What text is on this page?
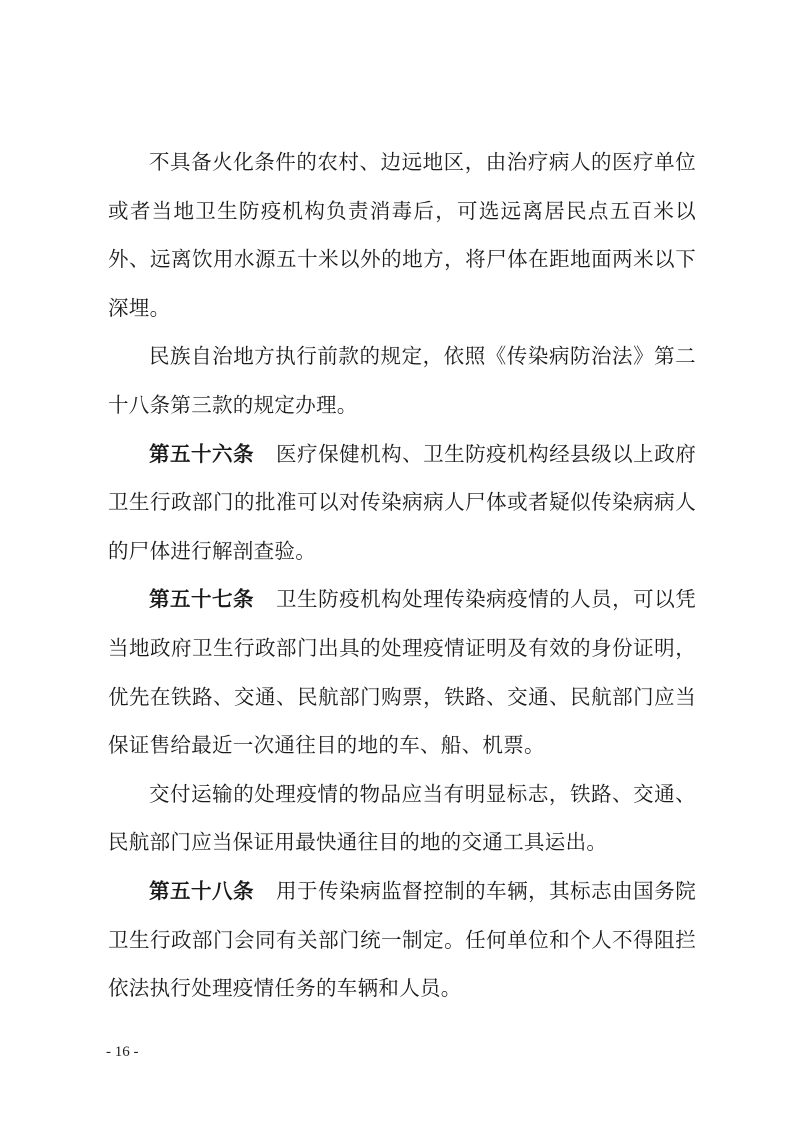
不具备火化条件的农村、边远地区，由治疗病人的医疗单位或者当地卫生防疫机构负责消毒后，可选远离居民点五百米以外、远离饮用水源五十米以外的地方，将尸体在距地面两米以下深埋。

民族自治地方执行前款的规定，依照《传染病防治法》第二十八条第三款的规定办理。

第五十六条 医疗保健机构、卫生防疫机构经县级以上政府卫生行政部门的批准可以对传染病病人尸体或者疑似传染病病人的尸体进行解剖查验。

第五十七条 卫生防疫机构处理传染病疫情的人员，可以凭当地政府卫生行政部门出具的处理疫情证明及有效的身份证明，优先在铁路、交通、民航部门购票，铁路、交通、民航部门应当保证售给最近一次通往目的地的车、船、机票。

交付运输的处理疫情的物品应当有明显标志，铁路、交通、民航部门应当保证用最快通往目的地的交通工具运出。

第五十八条 用于传染病监督控制的车辆，其标志由国务院卫生行政部门会同有关部门统一制定。任何单位和个人不得阻拦依法执行处理疫情任务的车辆和人员。

- 16 -
